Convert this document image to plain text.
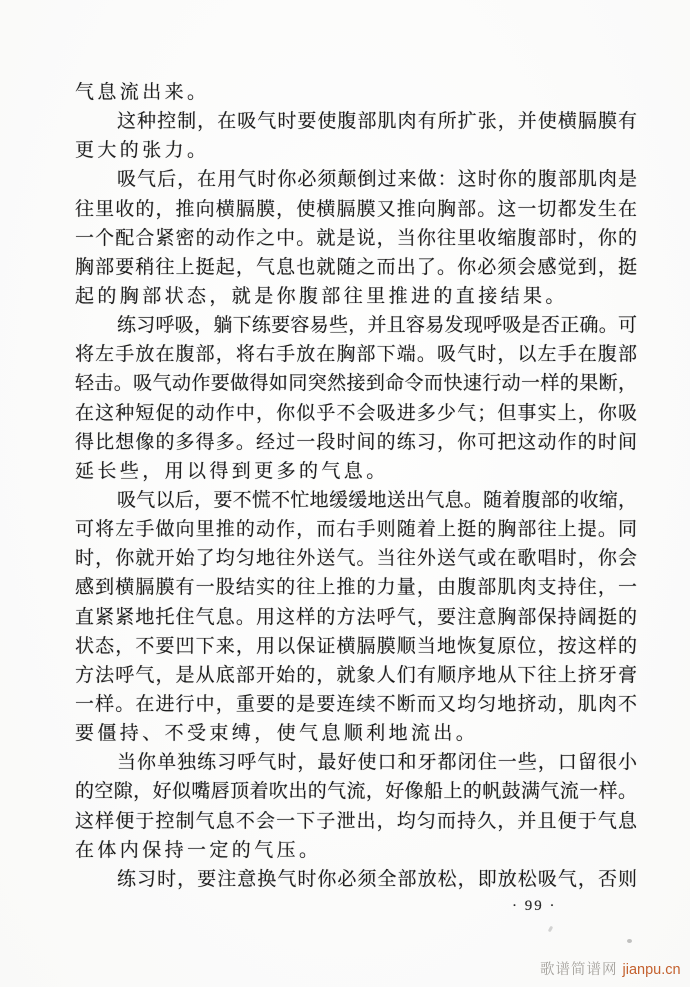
气息流出来。
这种控制，在吸气时要使腹部肌肉有所扩张，并使横膈膜有
更大的张力。
吸气后，在用气时你必须颠倒过来做：这时你的腹部肌肉是
往里收的，推向横膈膜，使横膈膜又推向胸部。这一切都发生在
一个配合紧密的动作之中。就是说，当你往里收缩腹部时，你的
胸部要稍往上挺起，气息也就随之而出了。你必须会感觉到，挺
起的胸部状态，就是你腹部往里推进的直接结果。
练习呼吸，躺下练要容易些，并且容易发现呼吸是否正确。可
将左手放在腹部，将右手放在胸部下端。吸气时，以左手在腹部
轻击。吸气动作要做得如同突然接到命令而快速行动一样的果断，
在这种短促的动作中，你似乎不会吸进多少气；但事实上，你吸
得比想像的多得多。经过一段时间的练习，你可把这动作的时间
延长些，用以得到更多的气息。
吸气以后，要不慌不忙地缓缓地送出气息。随着腹部的收缩，
可将左手做向里推的动作，而右手则随着上挺的胸部往上提。同
时，你就开始了均匀地往外送气。当往外送气或在歌唱时，你会
感到横膈膜有一股结实的往上推的力量，由腹部肌肉支持住，一
直紧紧地托住气息。用这样的方法呼气，要注意胸部保持阔挺的
状态，不要凹下来，用以保证横膈膜顺当地恢复原位，按这样的
方法呼气，是从底部开始的，就象人们有顺序地从下往上挤牙膏
一样。在进行中，重要的是要连续不断而又均匀地挤动，肌肉不
要僵持、不受束缚，使气息顺利地流出。
当你单独练习呼气时，最好使口和牙都闭住一些，口留很小
的空隙，好似嘴唇顶着吹出的气流，好像船上的帆鼓满气流一样。
这样便于控制气息不会一下子泄出，均匀而持久，并且便于气息
在体内保持一定的气压。
练习时，要注意换气时你必须全部放松，即放松吸气，否则
· 99 ·
歌谱简谱网 jianpu.cn
